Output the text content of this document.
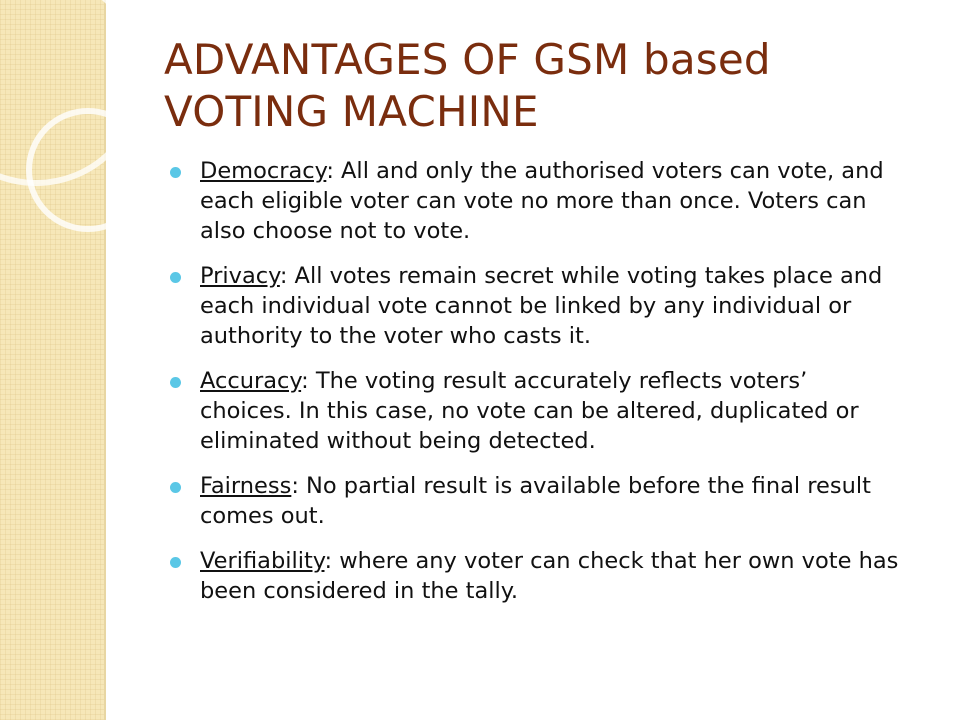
ADVANTAGES OF GSM based VOTING MACHINE
Democracy: All and only the authorised voters can vote, and each eligible voter can vote no more than once. Voters can also choose not to vote.
Privacy: All votes remain secret while voting takes place and each individual vote cannot be linked by any individual or authority to the voter who casts it.
Accuracy: The voting result accurately reflects voters’ choices. In this case, no vote can be altered, duplicated or eliminated without being detected.
Fairness: No partial result is available before the final result comes out.
Verifiability: where any voter can check that her own vote has been considered in the tally.
